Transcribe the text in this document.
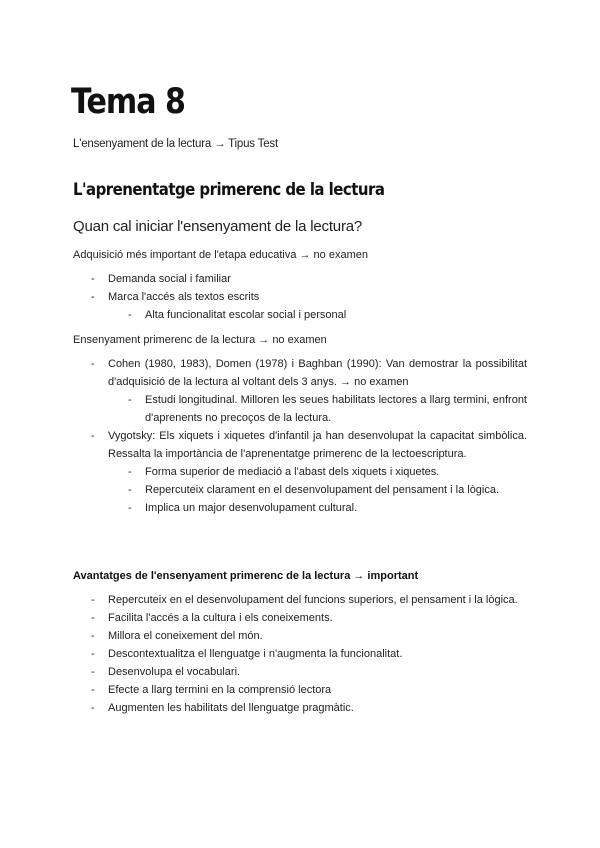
Tema 8

L'ensenyament de la lectura → Tipus Test

L'aprenentatge primerenc de la lectura
Quan cal iniciar l'ensenyament de la lectura?

Adquisició més important de l'etapa educativa → no examen

- Demanda social i familiar
- Marca l'accés als textos escrits
- Alta funcionalitat escolar social i personal

Ensenyament primerenc de la lectura → no examen

- Cohen (1980, 1983), Domen (1978) i Baghban (1990): Van demostrar la possibilitat d'adquisició de la lectura al voltant dels 3 anys. → no examen
- Estudi longitudinal. Milloren les seues habilitats lectores a llarg termini, enfront d'aprenents no precoços de la lectura.
- Vygotsky: Els xiquets i xiquetes d'infantil ja han desenvolupat la capacitat simbòlica. Ressalta la importància de l'aprenentatge primerenc de la lectoescriptura.
- Forma superior de mediació a l'abast dels xiquets i xiquetes.
- Repercuteix clarament en el desenvolupament del pensament i la lògica.
- Implica un major desenvolupament cultural.

Avantatges de l'ensenyament primerenc de la lectura → important

- Repercuteix en el desenvolupament del funcions superiors, el pensament i la lògica.
- Facilita l'accés a la cultura i els coneixements.
- Millora el coneixement del món.
- Descontextualitza el llenguatge i n'augmenta la funcionalitat.
- Desenvolupa el vocabulari.
- Efecte a llarg termini en la comprensió lectora
- Augmenten les habilitats del llenguatge pragmàtic.
